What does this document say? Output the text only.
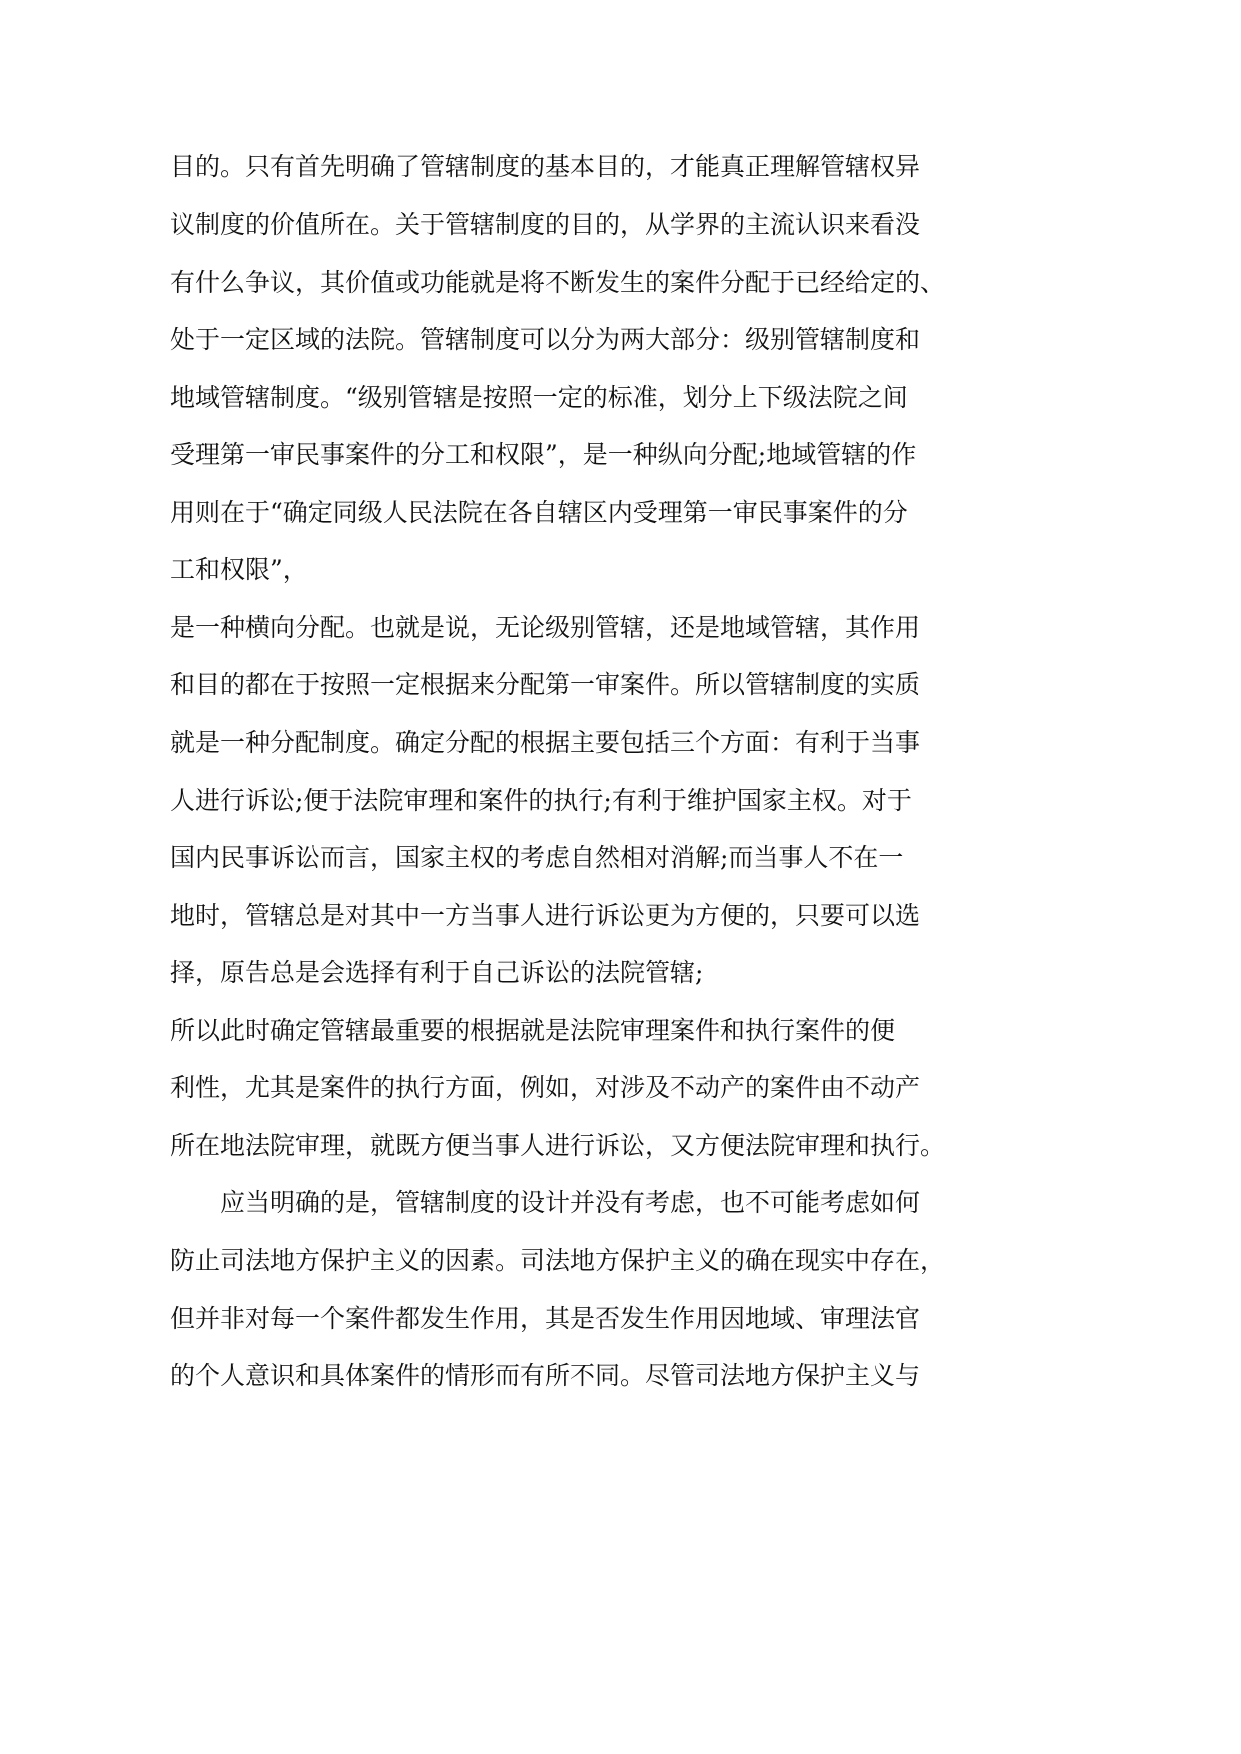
目的。只有首先明确了管辖制度的基本目的，才能真正理解管辖权异
议制度的价值所在。关于管辖制度的目的，从学界的主流认识来看没
有什么争议，其价值或功能就是将不断发生的案件分配于已经给定的、
处于一定区域的法院。管辖制度可以分为两大部分：级别管辖制度和
地域管辖制度。“级别管辖是按照一定的标准，划分上下级法院之间
受理第一审民事案件的分工和权限”，是一种纵向分配;地域管辖的作
用则在于“确定同级人民法院在各自辖区内受理第一审民事案件的分
工和权限”，
是一种横向分配。也就是说，无论级别管辖，还是地域管辖，其作用
和目的都在于按照一定根据来分配第一审案件。所以管辖制度的实质
就是一种分配制度。确定分配的根据主要包括三个方面：有利于当事
人进行诉讼;便于法院审理和案件的执行;有利于维护国家主权。对于
国内民事诉讼而言，国家主权的考虑自然相对消解;而当事人不在一
地时，管辖总是对其中一方当事人进行诉讼更为方便的，只要可以选
择，原告总是会选择有利于自己诉讼的法院管辖;
所以此时确定管辖最重要的根据就是法院审理案件和执行案件的便
利性，尤其是案件的执行方面，例如，对涉及不动产的案件由不动产
所在地法院审理，就既方便当事人进行诉讼，又方便法院审理和执行。
应当明确的是，管辖制度的设计并没有考虑，也不可能考虑如何
防止司法地方保护主义的因素。司法地方保护主义的确在现实中存在，
但并非对每一个案件都发生作用，其是否发生作用因地域、审理法官
的个人意识和具体案件的情形而有所不同。尽管司法地方保护主义与
